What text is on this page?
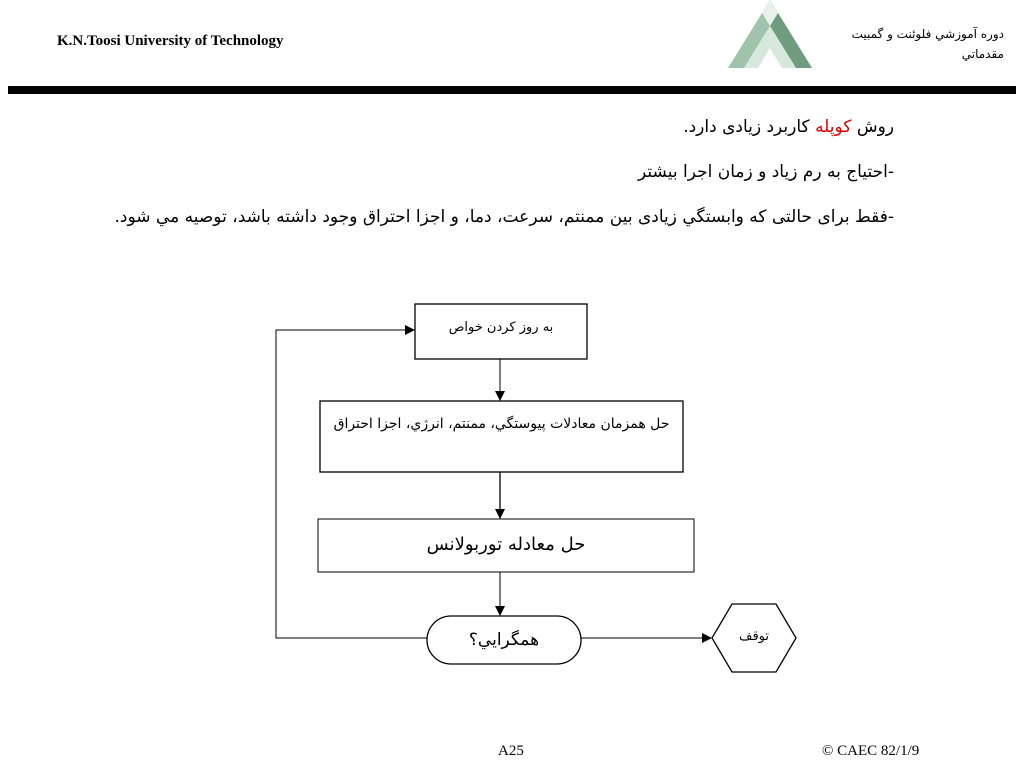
K.N.Toosi University of Technology	دوره آموزشي فلوئنت و گمبيت
مقدماتي

روش کوپله کاربرد زيادی دارد.

-احتياج به رم زياد و زمان اجرا بيشتر

-فقط برای حالتی که وابستگي زيادی بين ممنتم، سرعت، دما، و اجزا احتراق وجود داشته باشد، توصيه مي شود.

به روز کردن خواص
حل همزمان معادلات پيوستگي، ممنتم، انرژي، اجزا احتراق
حل معادله توربولانس
همگرايي؟	توقف
A25	© CAEC 82/1/9
